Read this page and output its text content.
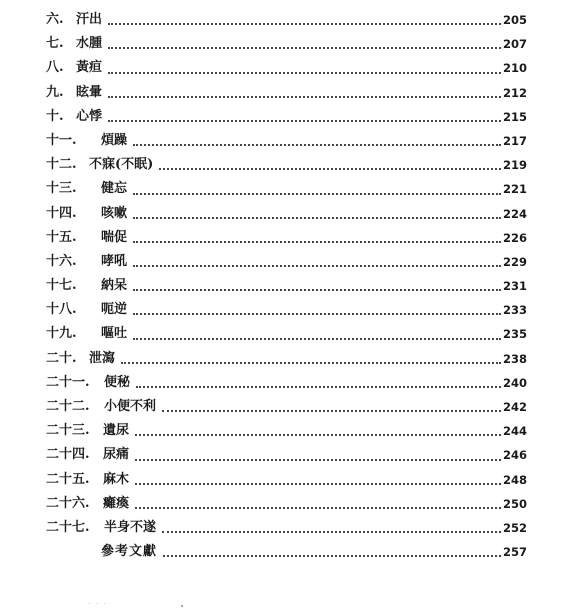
六. 汗出	205
七. 水腫	207
八. 黃疸	210
九. 眩暈	212
十. 心悸	215
十一. 煩躁	217
十二. 不寐(不眠)	219
十三. 健忘	221
十四. 咳嗽	224
十五. 喘促	226
十六. 哮吼	229
十七. 納呆	231
十八. 呃逆	233
十九. 嘔吐	235
二十. 泄瀉	238
二十一. 便秘	240
二十二. 小便不利	242
二十三. 遺尿	244
二十四. 尿痛	246
二十五. 麻木	248
二十六. 癱瘓	250
二十七. 半身不遂	252
參考文獻	257
· · ·
